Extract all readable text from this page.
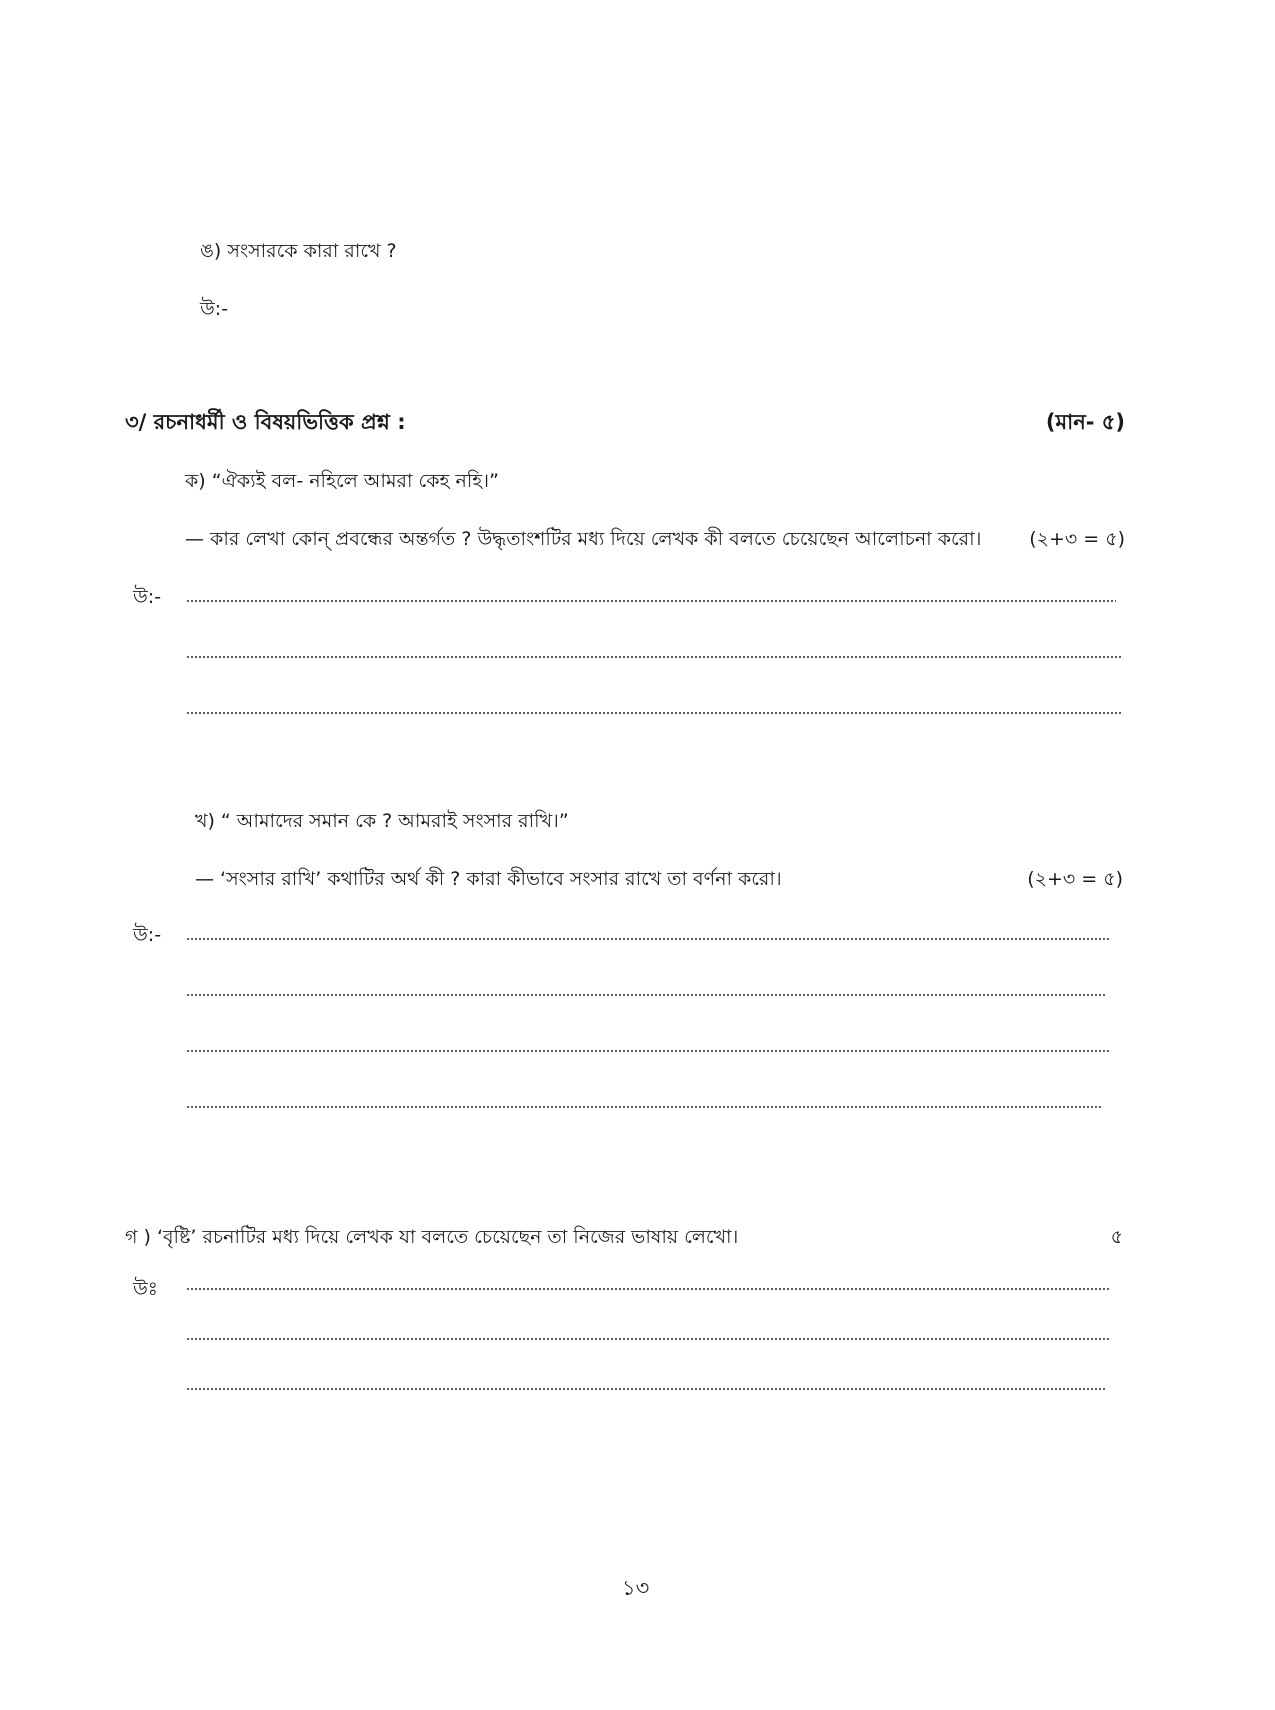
ঙ) সংসারকে কারা রাখে ?
উ:-
৩/ রচনাধর্মী ও বিষয়ভিত্তিক প্রশ্ন :	(মান- ৫)
ক) “ঐক্যই বল- নহিলে আমরা কেহ নহি।”
— কার লেখা কোন্ প্রবন্ধের অন্তর্গত ? উদ্ধৃতাংশটির মধ্য দিয়ে লেখক কী বলতে চেয়েছেন আলোচনা করো।	(২+৩ = ৫)
উ:-
খ) “ আমাদের সমান কে ? আমরাই সংসার রাখি।”
— ‘সংসার রাখি’ কথাটির অর্থ কী ? কারা কীভাবে সংসার রাখে তা বর্ণনা করো।	(২+৩ = ৫)
উ:-
গ ) ‘বৃষ্টি’ রচনাটির মধ্য দিয়ে লেখক যা বলতে চেয়েছেন তা নিজের ভাষায় লেখো।	৫
উঃ
১৩
